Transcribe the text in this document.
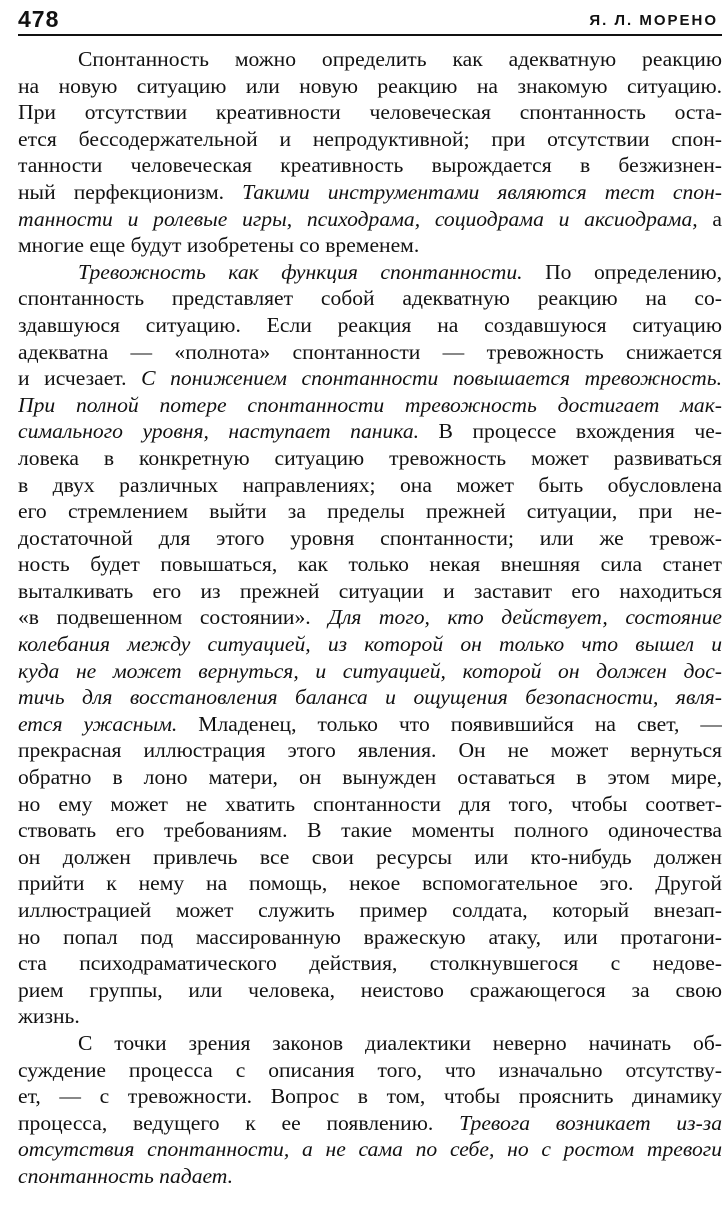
478	Я. Л. МОРЕНО
Спонтанность можно определить как адекватную реакцию
на новую ситуацию или новую реакцию на знакомую ситуацию.
При отсутствии креативности человеческая спонтанность оста-
ется бессодержательной и непродуктивной; при отсутствии спон-
танности человеческая креативность вырождается в безжизнен-
ный перфекционизм. Такими инструментами являются тест спон-
танности и ролевые игры, психодрама, социодрама и аксиодрама, а
многие еще будут изобретены со временем.
Тревожность как функция спонтанности. По определению,
спонтанность представляет собой адекватную реакцию на со-
здавшуюся ситуацию. Если реакция на создавшуюся ситуацию
адекватна — «полнота» спонтанности — тревожность снижается
и исчезает. С понижением спонтанности повышается тревожность.
При полной потере спонтанности тревожность достигает мак-
симального уровня, наступает паника. В процессе вхождения че-
ловека в конкретную ситуацию тревожность может развиваться
в двух различных направлениях; она может быть обусловлена
его стремлением выйти за пределы прежней ситуации, при не-
достаточной для этого уровня спонтанности; или же тревож-
ность будет повышаться, как только некая внешняя сила станет
выталкивать его из прежней ситуации и заставит его находиться
«в подвешенном состоянии». Для того, кто действует, состояние
колебания между ситуацией, из которой он только что вышел и
куда не может вернуться, и ситуацией, которой он должен дос-
тичь для восстановления баланса и ощущения безопасности, явля-
ется ужасным. Младенец, только что появившийся на свет, —
прекрасная иллюстрация этого явления. Он не может вернуться
обратно в лоно матери, он вынужден оставаться в этом мире,
но ему может не хватить спонтанности для того, чтобы соответ-
ствовать его требованиям. В такие моменты полного одиночества
он должен привлечь все свои ресурсы или кто-нибудь должен
прийти к нему на помощь, некое вспомогательное эго. Другой
иллюстрацией может служить пример солдата, который внезап-
но попал под массированную вражескую атаку, или протагони-
ста психодраматического действия, столкнувшегося с недове-
рием группы, или человека, неистово сражающегося за свою
жизнь.
С точки зрения законов диалектики неверно начинать об-
суждение процесса с описания того, что изначально отсутству-
ет, — с тревожности. Вопрос в том, чтобы прояснить динамику
процесса, ведущего к ее появлению. Тревога возникает из-за
отсутствия спонтанности, а не сама по себе, но с ростом тревоги
спонтанность падает.
